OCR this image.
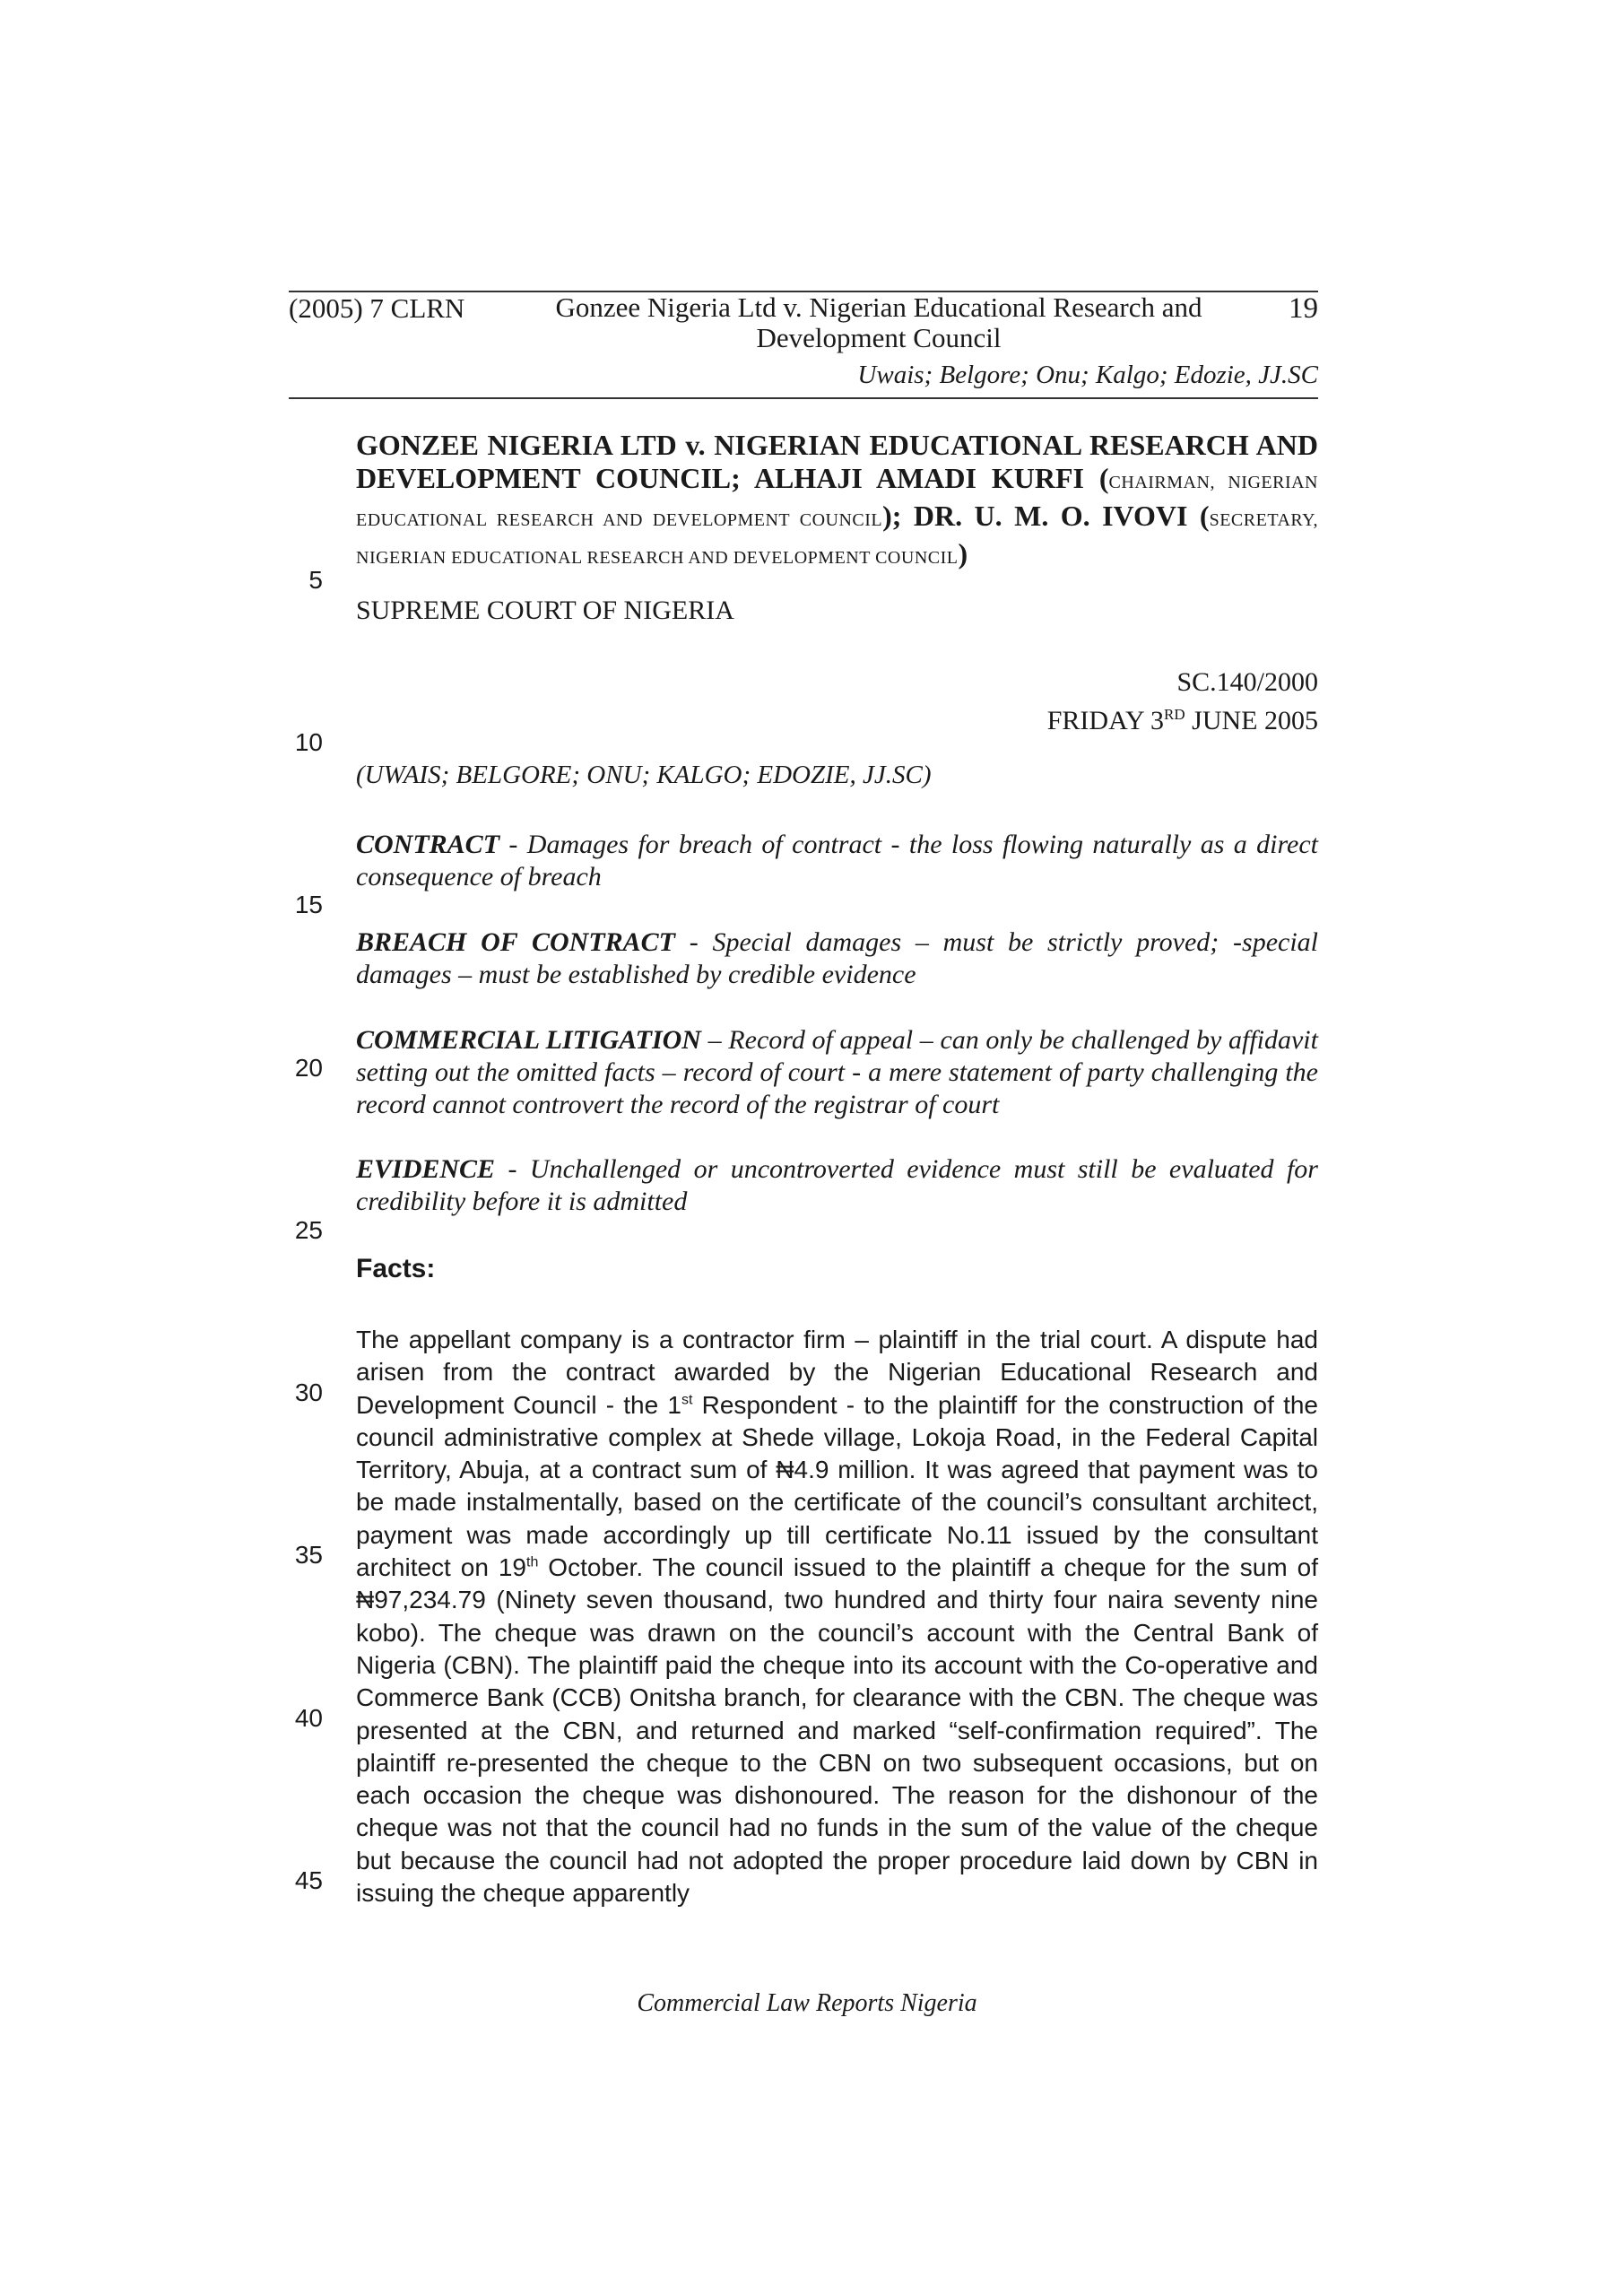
(2005) 7 CLRN	Gonzee Nigeria Ltd v. Nigerian Educational Research and
Development Council
19
Uwais; Belgore; Onu; Kalgo; Edozie, JJ.SC
5
10
15
20
25
30
35
40
45
GONZEE NIGERIA LTD v. NIGERIAN EDUCATIONAL RESEARCH AND DEVELOPMENT COUNCIL; ALHAJI AMADI KURFI (CHAIRMAN, NIGERIAN EDUCATIONAL RESEARCH AND DEVELOPMENT COUNCIL); DR. U. M. O. IVOVI (SECRETARY, NIGERIAN EDUCATIONAL RESEARCH AND DEVELOPMENT COUNCIL)
SUPREME COURT OF NIGERIA
SC.140/2000
FRIDAY 3RD JUNE 2005
(UWAIS; BELGORE; ONU; KALGO; EDOZIE, JJ.SC)
CONTRACT - Damages for breach of contract - the loss flowing naturally as a direct consequence of breach
BREACH OF CONTRACT - Special damages – must be strictly proved; -special damages – must be established by credible evidence
COMMERCIAL LITIGATION – Record of appeal – can only be challenged by affidavit setting out the omitted facts – record of court - a mere statement of party challenging the record cannot controvert the record of the registrar of court
EVIDENCE - Unchallenged or uncontroverted evidence must still be evaluated for credibility before it is admitted
Facts:
The appellant company is a contractor firm – plaintiff in the trial court. A dispute had arisen from the contract awarded by the Nigerian Educational Research and Development Council - the 1st Respondent - to the plaintiff for the construction of the council administrative complex at Shede village, Lokoja Road, in the Federal Capital Territory, Abuja, at a contract sum of ₦4.9 million. It was agreed that payment was to be made instalmentally, based on the certificate of the council’s consultant architect, payment was made accordingly up till certificate No.11 issued by the consultant architect on 19th October. The council issued to the plaintiff a cheque for the sum of ₦97,234.79 (Ninety seven thousand, two hundred and thirty four naira seventy nine kobo). The cheque was drawn on the council’s account with the Central Bank of Nigeria (CBN). The plaintiff paid the cheque into its account with the Co-operative and Commerce Bank (CCB) Onitsha branch, for clearance with the CBN. The cheque was presented at the CBN, and returned and marked “self-confirmation required”. The plaintiff re-presented the cheque to the CBN on two subsequent occasions, but on each occasion the cheque was dishonoured. The reason for the dishonour of the cheque was not that the council had no funds in the sum of the value of the cheque but because the council had not adopted the proper procedure laid down by CBN in issuing the cheque apparently
Commercial Law Reports Nigeria
